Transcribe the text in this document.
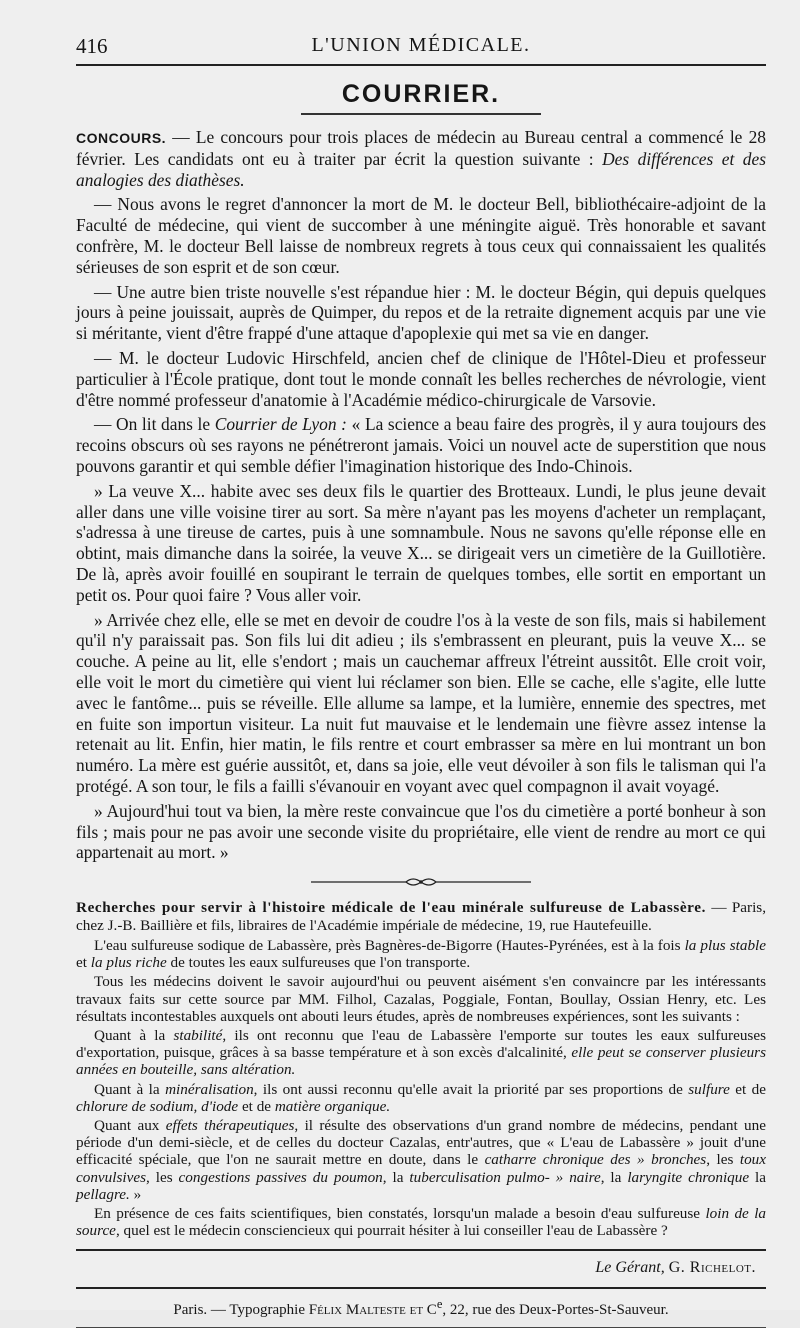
416	L'UNION MÉDICALE.
COURRIER.

CONCOURS. — Le concours pour trois places de médecin au Bureau central a commencé le 28 février. Les candidats ont eu à traiter par écrit la question suivante : Des différences et des analogies des diathèses.

— Nous avons le regret d'annoncer la mort de M. le docteur Bell, bibliothécaire-adjoint de la Faculté de médecine, qui vient de succomber à une méningite aiguë. Très honorable et savant confrère, M. le docteur Bell laisse de nombreux regrets à tous ceux qui connaissaient les qualités sérieuses de son esprit et de son cœur.

— Une autre bien triste nouvelle s'est répandue hier : M. le docteur Bégin, qui depuis quelques jours à peine jouissait, auprès de Quimper, du repos et de la retraite dignement acquis par une vie si méritante, vient d'être frappé d'une attaque d'apoplexie qui met sa vie en danger.

— M. le docteur Ludovic Hirschfeld, ancien chef de clinique de l'Hôtel-Dieu et professeur particulier à l'École pratique, dont tout le monde connaît les belles recherches de névrologie, vient d'être nommé professeur d'anatomie à l'Académie médico-chirurgicale de Varsovie.

— On lit dans le Courrier de Lyon : « La science a beau faire des progrès, il y aura toujours des recoins obscurs où ses rayons ne pénétreront jamais. Voici un nouvel acte de superstition que nous pouvons garantir et qui semble défier l'imagination historique des Indo-Chinois.

» La veuve X... habite avec ses deux fils le quartier des Brotteaux. Lundi, le plus jeune devait aller dans une ville voisine tirer au sort. Sa mère n'ayant pas les moyens d'acheter un remplaçant, s'adressa à une tireuse de cartes, puis à une somnambule. Nous ne savons qu'elle réponse elle en obtint, mais dimanche dans la soirée, la veuve X... se dirigeait vers un cimetière de la Guillotière. De là, après avoir fouillé en soupirant le terrain de quelques tombes, elle sortit en emportant un petit os. Pour quoi faire ? Vous aller voir.

» Arrivée chez elle, elle se met en devoir de coudre l'os à la veste de son fils, mais si habilement qu'il n'y paraissait pas. Son fils lui dit adieu ; ils s'embrassent en pleurant, puis la veuve X... se couche. A peine au lit, elle s'endort ; mais un cauchemar affreux l'étreint aussitôt. Elle croit voir, elle voit le mort du cimetière qui vient lui réclamer son bien. Elle se cache, elle s'agite, elle lutte avec le fantôme... puis se réveille. Elle allume sa lampe, et la lumière, ennemie des spectres, met en fuite son importun visiteur. La nuit fut mauvaise et le lendemain une fièvre assez intense la retenait au lit. Enfin, hier matin, le fils rentre et court embrasser sa mère en lui montrant un bon numéro. La mère est guérie aussitôt, et, dans sa joie, elle veut dévoiler à son fils le talisman qui l'a protégé. A son tour, le fils a failli s'évanouir en voyant avec quel compagnon il avait voyagé.

» Aujourd'hui tout va bien, la mère reste convaincue que l'os du cimetière a porté bonheur à son fils ; mais pour ne pas avoir une seconde visite du propriétaire, elle vient de rendre au mort ce qui appartenait au mort. »

Recherches pour servir à l'histoire médicale de l'eau minérale sulfureuse de Labassère. — Paris, chez J.-B. Baillière et fils, libraires de l'Académie impériale de médecine, 19, rue Hautefeuille.

L'eau sulfureuse sodique de Labassère, près Bagnères-de-Bigorre (Hautes-Pyrénées, est à la fois la plus stable et la plus riche de toutes les eaux sulfureuses que l'on transporte.

Tous les médecins doivent le savoir aujourd'hui ou peuvent aisément s'en convaincre par les intéressants travaux faits sur cette source par MM. Filhol, Cazalas, Poggiale, Fontan, Boullay, Ossian Henry, etc. Les résultats incontestables auxquels ont abouti leurs études, après de nombreuses expériences, sont les suivants :

Quant à la stabilité, ils ont reconnu que l'eau de Labassère l'emporte sur toutes les eaux sulfureuses d'exportation, puisque, grâces à sa basse température et à son excès d'alcalinité, elle peut se conserver plusieurs années en bouteille, sans altération.

Quant à la minéralisation, ils ont aussi reconnu qu'elle avait la priorité par ses proportions de sulfure et de chlorure de sodium, d'iode et de matière organique.

Quant aux effets thérapeutiques, il résulte des observations d'un grand nombre de médecins, pendant une période d'un demi-siècle, et de celles du docteur Cazalas, entr'autres, que « L'eau de Labassère » jouit d'une efficacité spéciale, que l'on ne saurait mettre en doute, dans le catharre chronique des » bronches, les toux convulsives, les congestions passives du poumon, la tuberculisation pulmo- » naire, la laryngite chronique la pellagre. »

En présence de ces faits scientifiques, bien constatés, lorsqu'un malade a besoin d'eau sulfureuse loin de la source, quel est le médecin consciencieux qui pourrait hésiter à lui conseiller l'eau de Labassère ?

Le Gérant, G. Richelot.
Paris. — Typographie Félix Malteste et Ce, 22, rue des Deux-Portes-St-Sauveur.
